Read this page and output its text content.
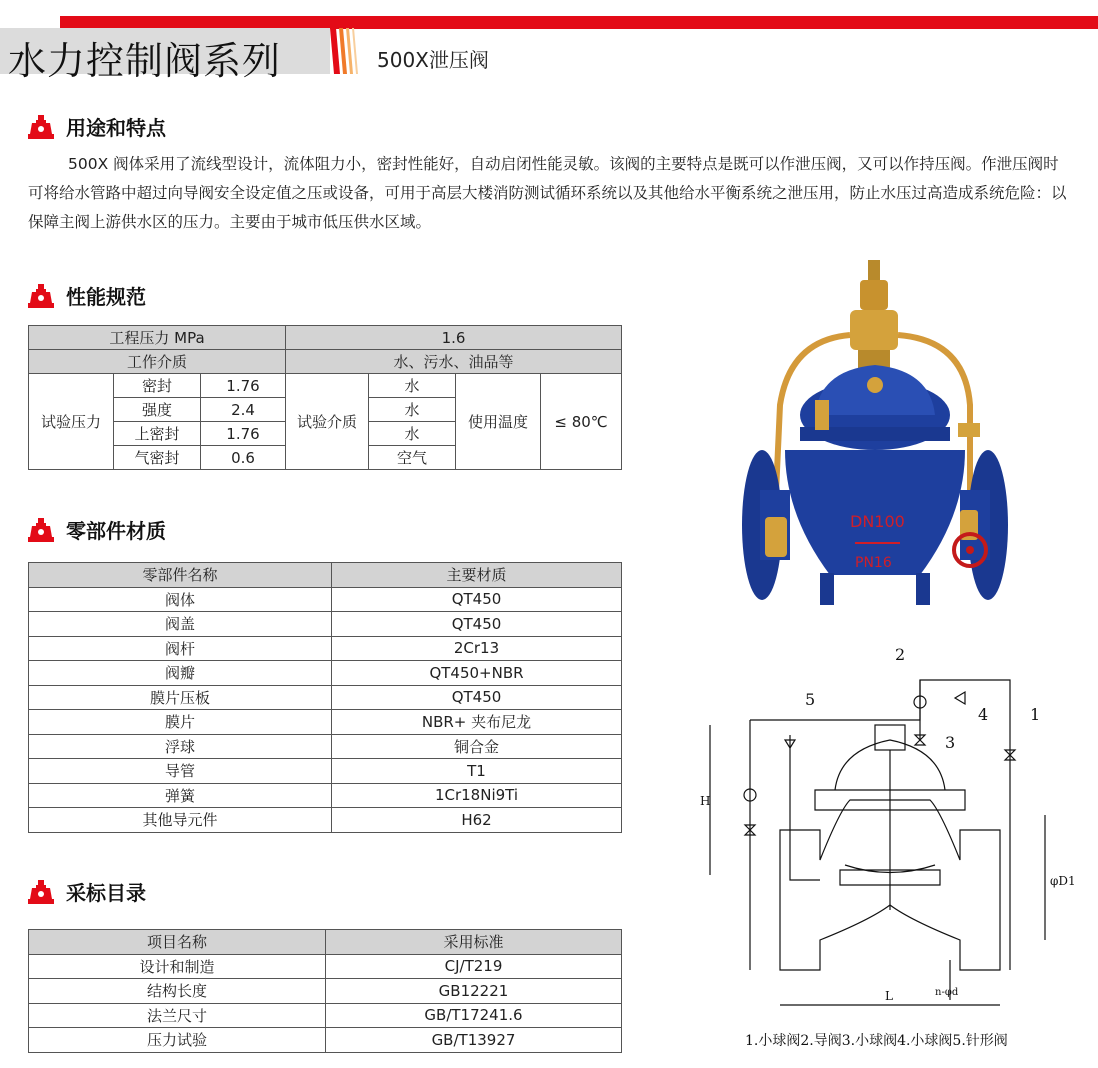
水力控制阀系列	500X泄压阀
用途和特点
500X 阀体采用了流线型设计，流体阻力小，密封性能好，自动启闭性能灵敏。该阀的主要特点是既可以作泄压阀，又可以作持压阀。作泄压阀时可将给水管路中超过向导阀安全设定值之压或设备，可用于高层大楼消防测试循环系统以及其他给水平衡系统之泄压用，防止水压过高造成系统危险：以保障主阀上游供水区的压力。主要由于城市低压供水区域。
性能规范
工程压力 MPa			1.6			
工作介质			水、污水、油品等			
试验压力	密封	1.76	试验介质	水	使用温度	≤ 80℃
	强度	2.4		水		
	上密封	1.76		水		
	气密封	0.6		空气		
零部件材质
零部件名称	主要材质
阀体	QT450
阀盖	QT450
阀杆	2Cr13
阀瓣	QT450+NBR
膜片压板	QT450
膜片	NBR+ 夹布尼龙
浮球	铜合金
导管	T1
弹簧	1Cr18Ni9Ti
其他导元件	H62
采标目录
项目名称	采用标准
设计和制造	CJ/T219
结构长度	GB12221
法兰尺寸	GB/T17241.6
压力试验	GB/T13927
DN100
PN16
H
φD1
L	n-φd
1
2
3
4
5
1.小球阀2.导阀3.小球阀4.小球阀5.针形阀
